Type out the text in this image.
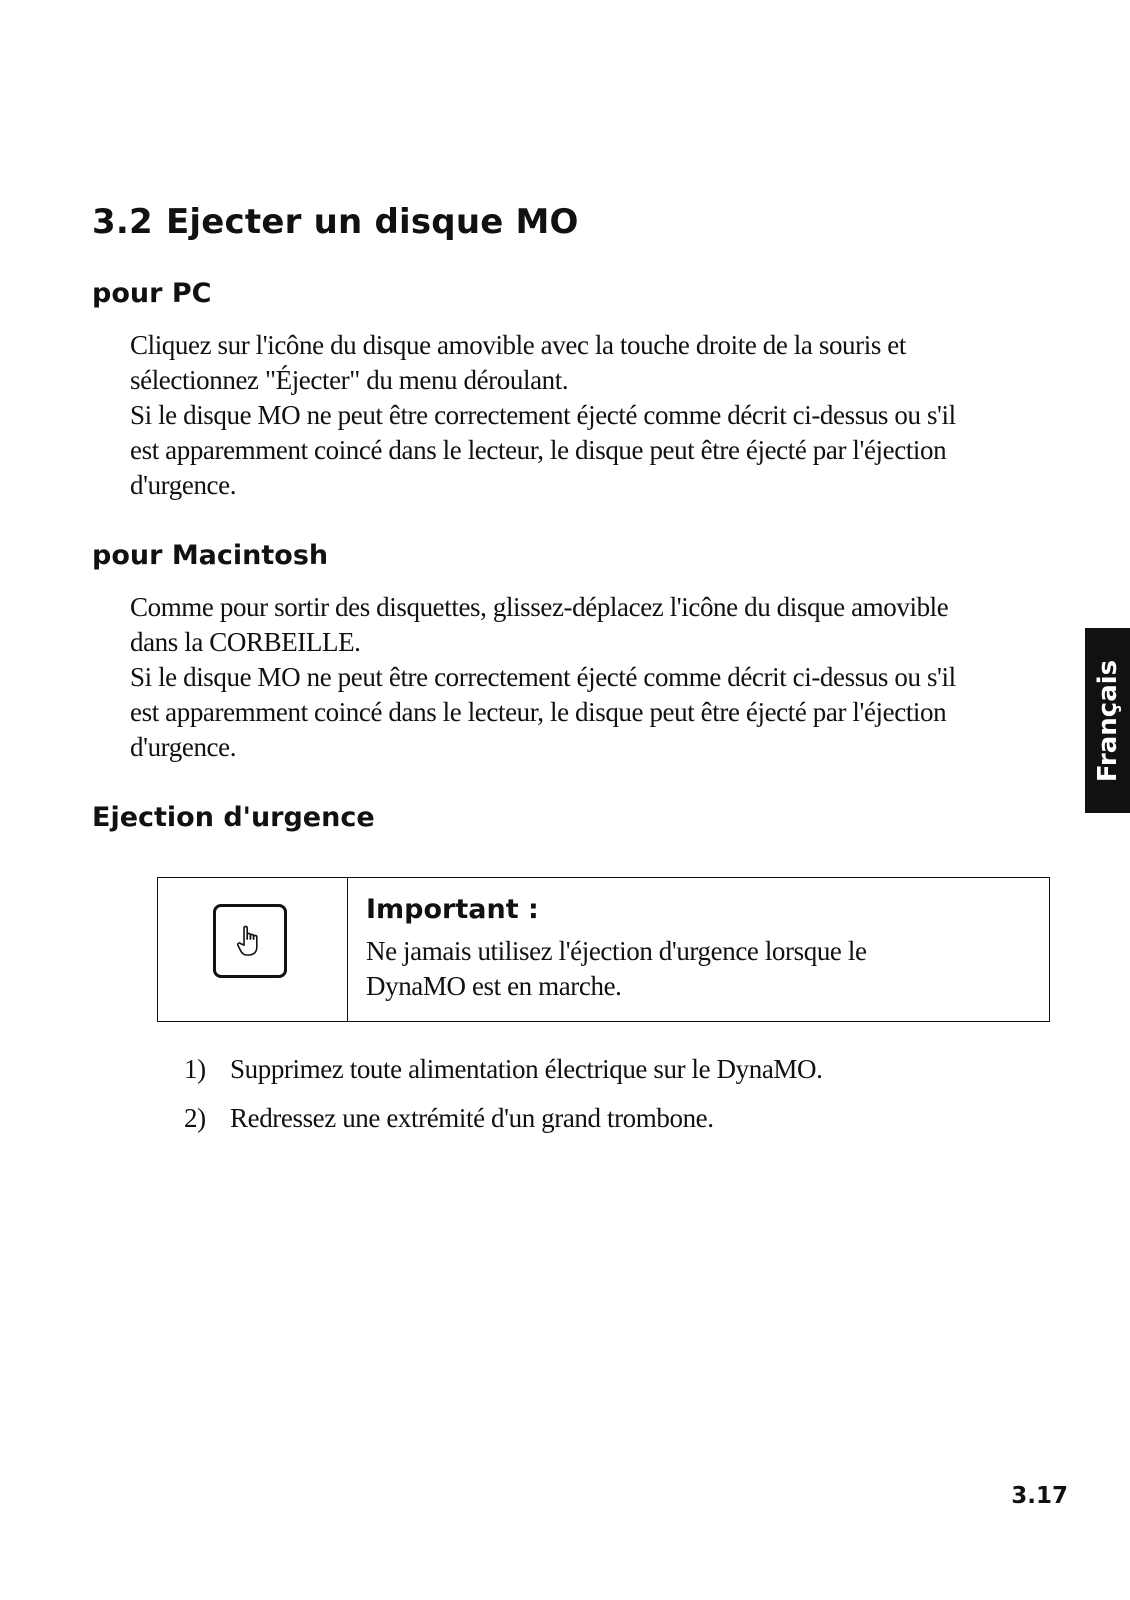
3.2 Ejecter un disque MO
pour PC
Cliquez sur l'icône du disque amovible avec la touche droite de la souris et
sélectionnez "Éjecter" du menu déroulant.
Si le disque MO ne peut être correctement éjecté comme décrit ci-dessus ou s'il
est apparemment coincé dans le lecteur, le disque peut être éjecté par l'éjection
d'urgence.
pour Macintosh
Comme pour sortir des disquettes, glissez-déplacez l'icône du disque amovible
dans la CORBEILLE.
Si le disque MO ne peut être correctement éjecté comme décrit ci-dessus ou s'il
est apparemment coincé dans le lecteur, le disque peut être éjecté par l'éjection
d'urgence.	Français
Ejection d'urgence
Important :
Ne jamais utilisez l'éjection d'urgence lorsque le
DynaMO est en marche.
1) Supprimez toute alimentation électrique sur le DynaMO.
2) Redressez une extrémité d'un grand trombone.
3.17
